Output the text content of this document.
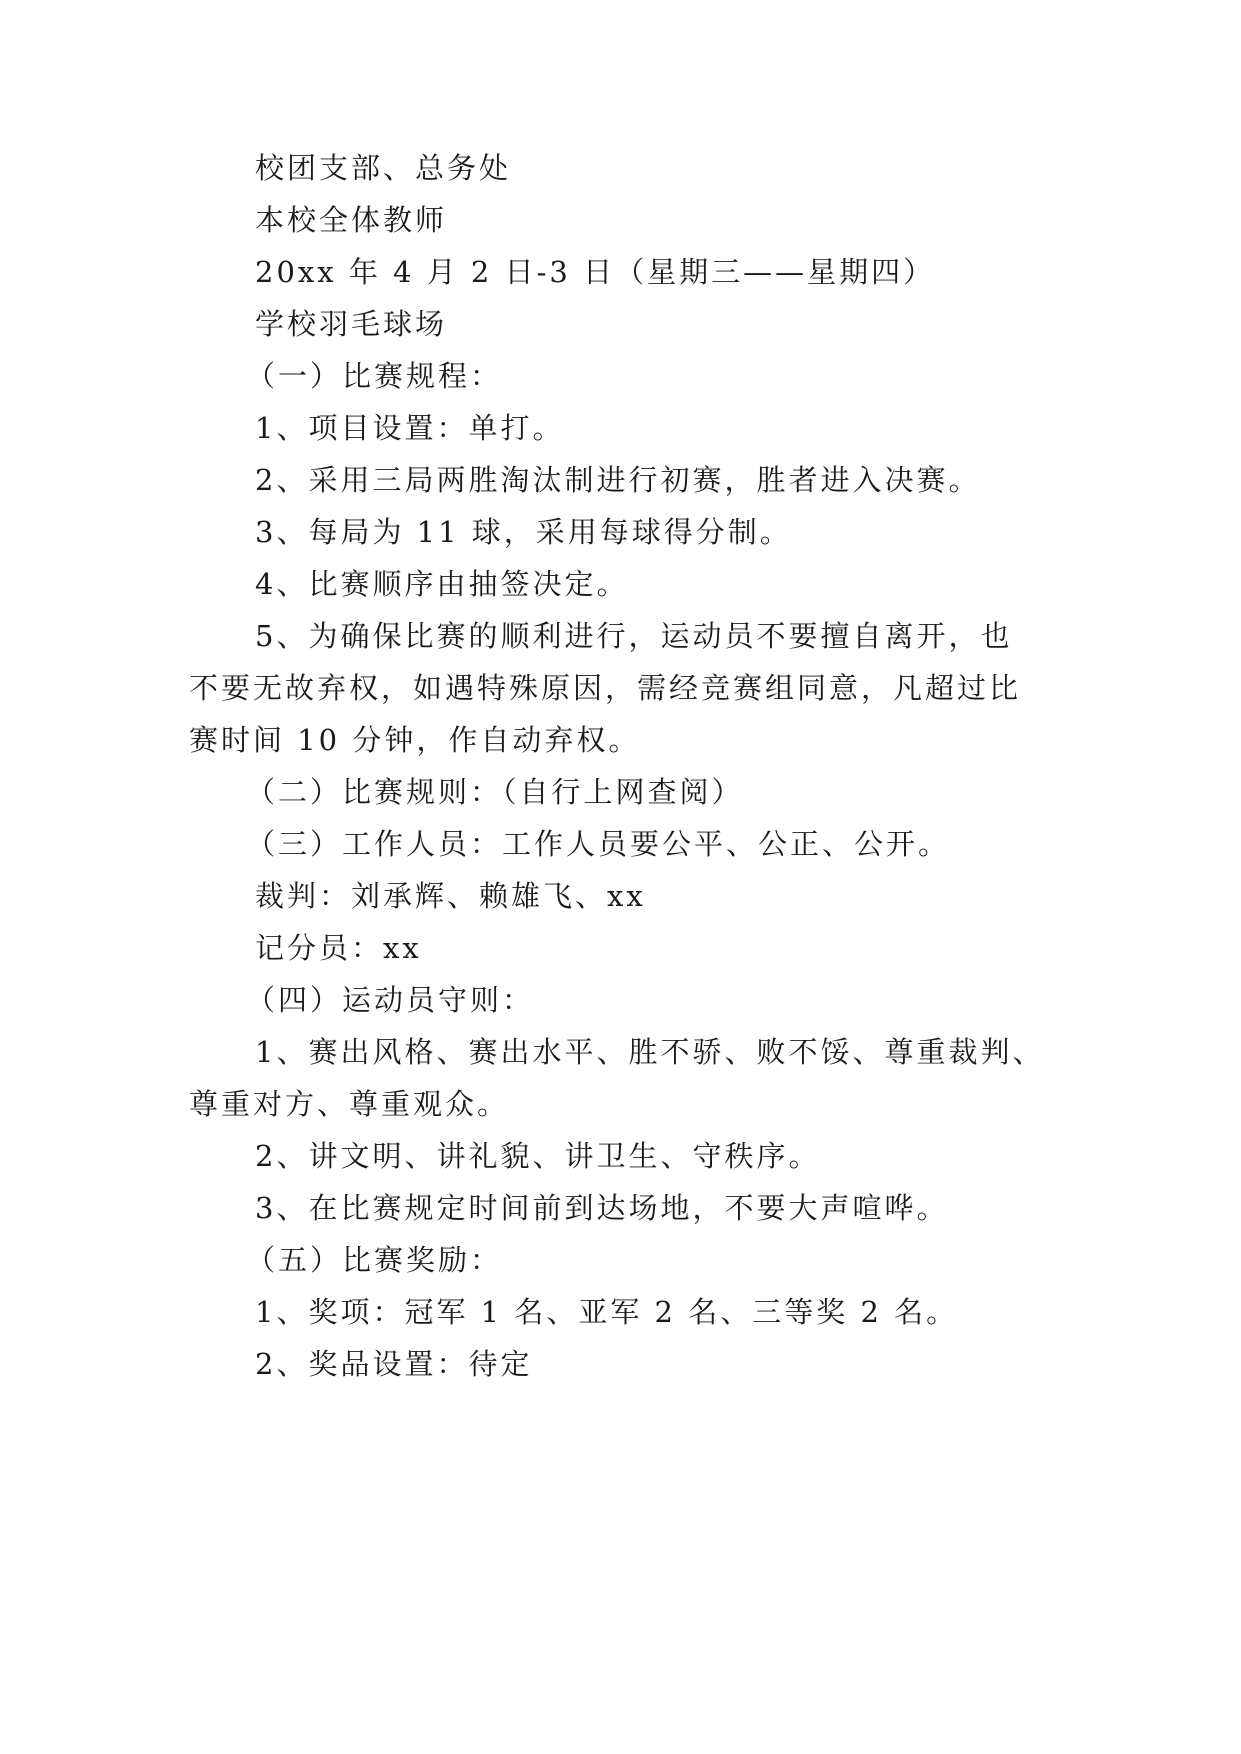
校团支部、总务处

本校全体教师

20xx 年 4 月 2 日-3 日（星期三——星期四）

学校羽毛球场

（一）比赛规程：

1、项目设置：单打。

2、采用三局两胜淘汰制进行初赛，胜者进入决赛。

3、每局为 11 球，采用每球得分制。

4、比赛顺序由抽签决定。

5、为确保比赛的顺利进行，运动员不要擅自离开，也

不要无故弃权，如遇特殊原因，需经竞赛组同意，凡超过比

赛时间 10 分钟，作自动弃权。

（二）比赛规则：（自行上网查阅）

（三）工作人员：工作人员要公平、公正、公开。

裁判：刘承辉、赖雄飞、xx

记分员：xx

（四）运动员守则：

1、赛出风格、赛出水平、胜不骄、败不馁、尊重裁判、

尊重对方、尊重观众。

2、讲文明、讲礼貌、讲卫生、守秩序。

3、在比赛规定时间前到达场地，不要大声喧哗。

（五）比赛奖励：

1、奖项：冠军 1 名、亚军 2 名、三等奖 2 名。

2、奖品设置：待定
